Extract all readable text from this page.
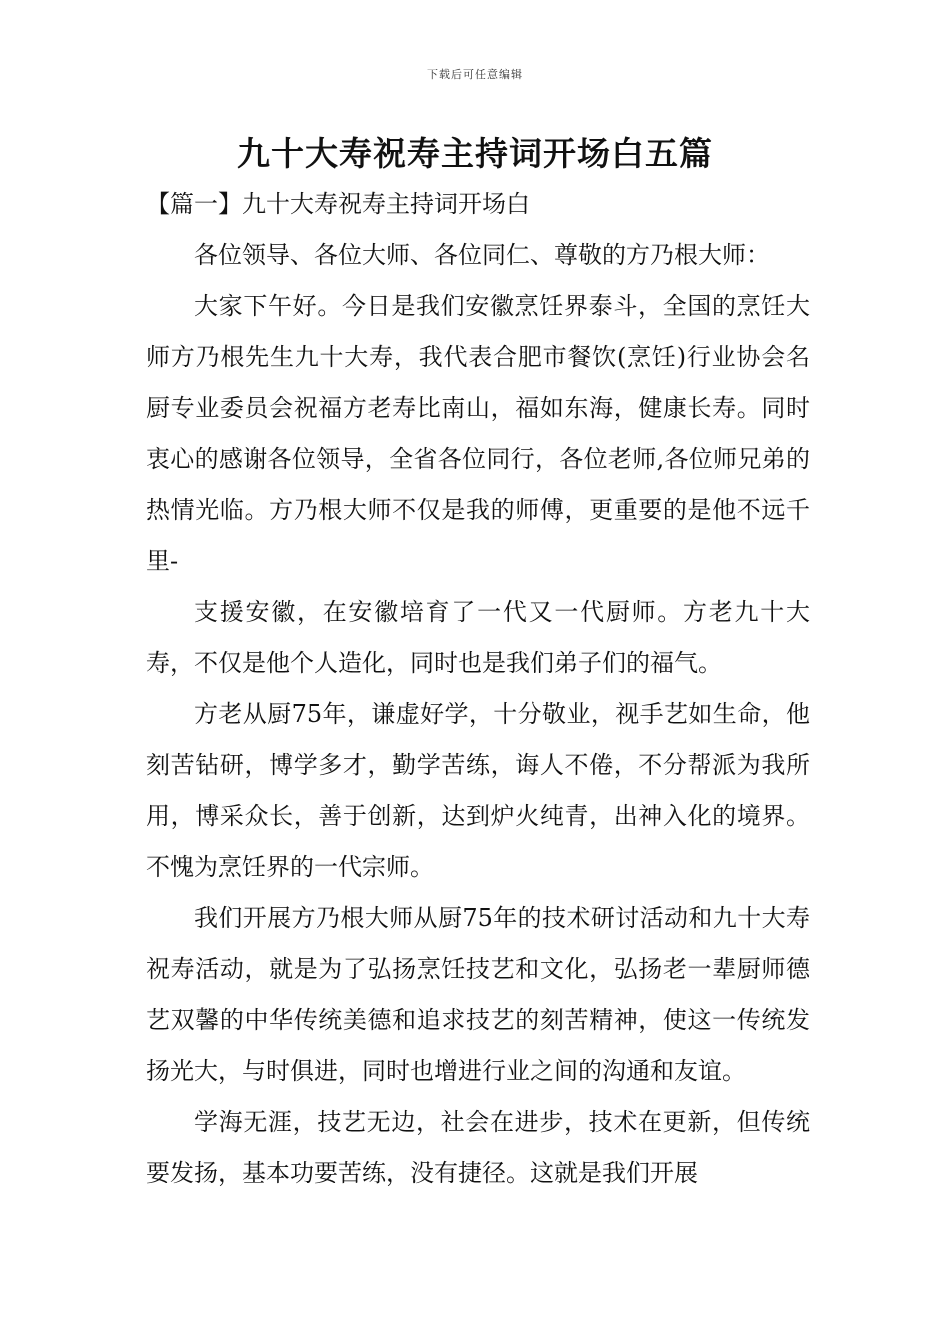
下载后可任意编辑
九十大寿祝寿主持词开场白五篇
【篇一】九十大寿祝寿主持词开场白

各位领导、各位大师、各位同仁、尊敬的方乃根大师：

大家下午好。今日是我们安徽烹饪界泰斗，全国的烹饪大师方乃根先生九十大寿，我代表合肥市餐饮(烹饪)行业协会名厨专业委员会祝福方老寿比南山，福如东海，健康长寿。同时衷心的感谢各位领导，全省各位同行，各位老师,各位师兄弟的热情光临。方乃根大师不仅是我的师傅，更重要的是他不远千里-

支援安徽，在安徽培育了一代又一代厨师。方老九十大寿，不仅是他个人造化，同时也是我们弟子们的福气。

方老从厨75年，谦虚好学，十分敬业，视手艺如生命，他刻苦钻研，博学多才，勤学苦练，诲人不倦，不分帮派为我所用，博采众长，善于创新，达到炉火纯青，出神入化的境界。不愧为烹饪界的一代宗师。

我们开展方乃根大师从厨75年的技术研讨活动和九十大寿祝寿活动，就是为了弘扬烹饪技艺和文化，弘扬老一辈厨师德艺双馨的中华传统美德和追求技艺的刻苦精神，使这一传统发扬光大，与时俱进，同时也增进行业之间的沟通和友谊。

学海无涯，技艺无边，社会在进步，技术在更新，但传统要发扬，基本功要苦练，没有捷径。这就是我们开展
